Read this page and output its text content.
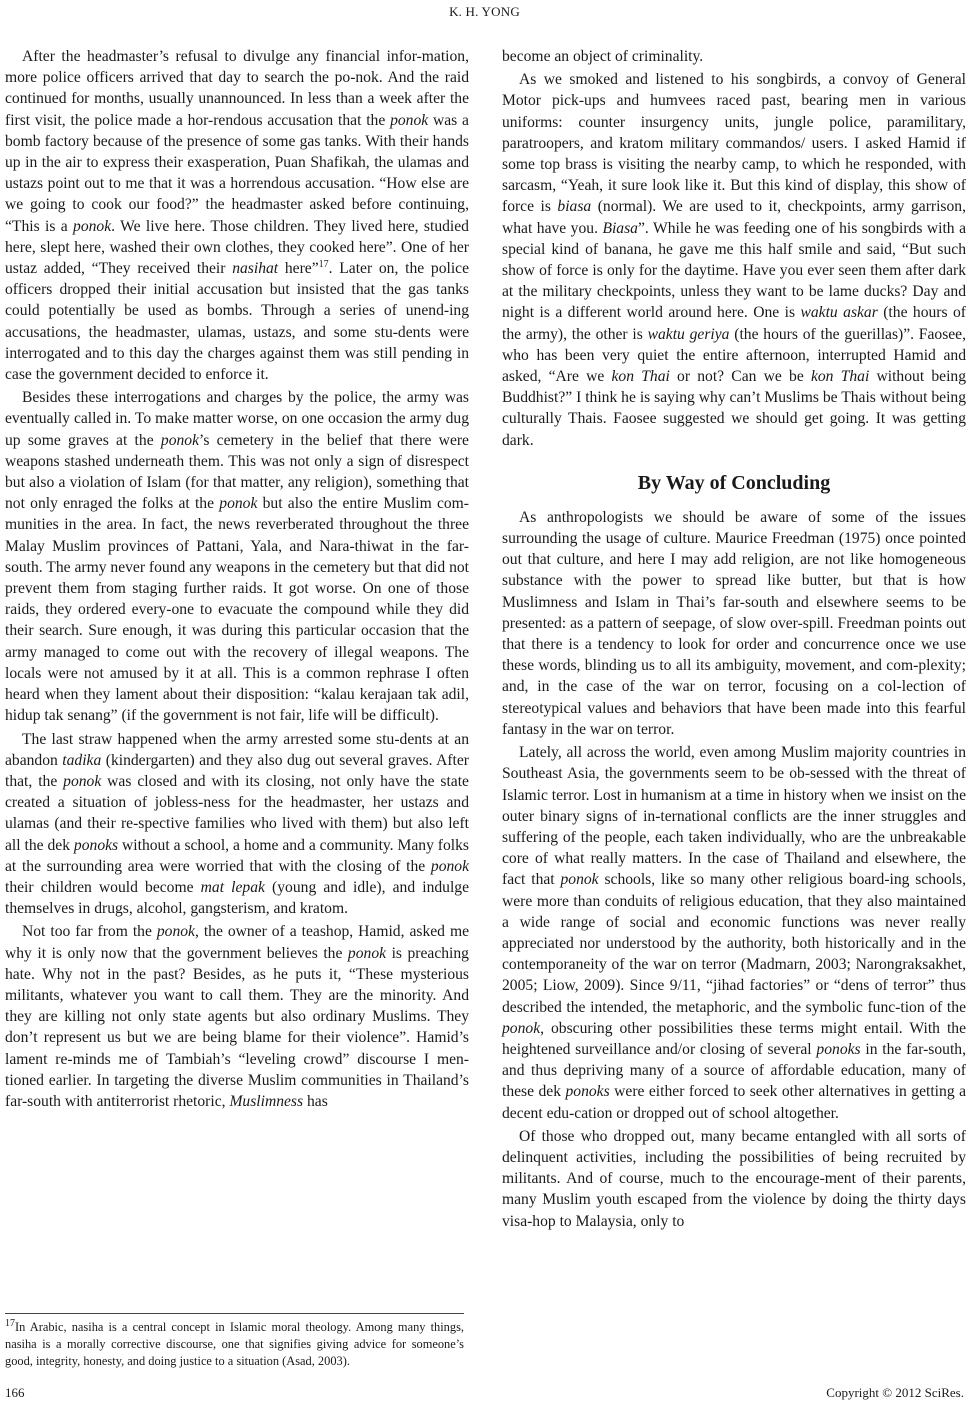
K. H. YONG

After the headmaster’s refusal to divulge any financial infor-mation, more police officers arrived that day to search the po-nok. And the raid continued for months, usually unannounced. In less than a week after the first visit, the police made a hor-rendous accusation that the ponok was a bomb factory because of the presence of some gas tanks. With their hands up in the air to express their exasperation, Puan Shafikah, the ulamas and ustazs point out to me that it was a horrendous accusation. “How else are we going to cook our food?” the headmaster asked before continuing, “This is a ponok. We live here. Those children. They lived here, studied here, slept here, washed their own clothes, they cooked here”. One of her ustaz added, “They received their nasihat here”$^{17}$. Later on, the police officers dropped their initial accusation but insisted that the gas tanks could potentially be used as bombs. Through a series of unend-ing accusations, the headmaster, ulamas, ustazs, and some stu-dents were interrogated and to this day the charges against them was still pending in case the government decided to enforce it.

Besides these interrogations and charges by the police, the army was eventually called in. To make matter worse, on one occasion the army dug up some graves at the ponok’s cemetery in the belief that there were weapons stashed underneath them. This was not only a sign of disrespect but also a violation of Islam (for that matter, any religion), something that not only enraged the folks at the ponok but also the entire Muslim com-munities in the area. In fact, the news reverberated throughout the three Malay Muslim provinces of Pattani, Yala, and Nara-thiwat in the far-south. The army never found any weapons in the cemetery but that did not prevent them from staging further raids. It got worse. On one of those raids, they ordered every-one to evacuate the compound while they did their search. Sure enough, it was during this particular occasion that the army managed to come out with the recovery of illegal weapons. The locals were not amused by it at all. This is a common rephrase I often heard when they lament about their disposition: “kalau kerajaan tak adil, hidup tak senang” (if the government is not fair, life will be difficult).

The last straw happened when the army arrested some stu-dents at an abandon tadika (kindergarten) and they also dug out several graves. After that, the ponok was closed and with its closing, not only have the state created a situation of jobless-ness for the headmaster, her ustazs and ulamas (and their re-spective families who lived with them) but also left all the dek ponoks without a school, a home and a community. Many folks at the surrounding area were worried that with the closing of the ponok their children would become mat lepak (young and idle), and indulge themselves in drugs, alcohol, gangsterism, and kratom.

Not too far from the ponok, the owner of a teashop, Hamid, asked me why it is only now that the government believes the ponok is preaching hate. Why not in the past? Besides, as he puts it, “These mysterious militants, whatever you want to call them. They are the minority. And they are killing not only state agents but also ordinary Muslims. They don’t represent us but we are being blame for their violence”. Hamid’s lament re-minds me of Tambiah’s “leveling crowd” discourse I men-tioned earlier. In targeting the diverse Muslim communities in Thailand’s far-south with antiterrorist rhetoric, Muslimness has

become an object of criminality.

As we smoked and listened to his songbirds, a convoy of General Motor pick-ups and humvees raced past, bearing men in various uniforms: counter insurgency units, jungle police, paramilitary, paratroopers, and kratom military commandos/ users. I asked Hamid if some top brass is visiting the nearby camp, to which he responded, with sarcasm, “Yeah, it sure look like it. But this kind of display, this show of force is biasa (normal). We are used to it, checkpoints, army garrison, what have you. Biasa”. While he was feeding one of his songbirds with a special kind of banana, he gave me this half smile and said, “But such show of force is only for the daytime. Have you ever seen them after dark at the military checkpoints, unless they want to be lame ducks? Day and night is a different world around here. One is waktu askar (the hours of the army), the other is waktu geriya (the hours of the guerillas)”. Faosee, who has been very quiet the entire afternoon, interrupted Hamid and asked, “Are we kon Thai or not? Can we be kon Thai without being Buddhist?” I think he is saying why can’t Muslims be Thais without being culturally Thais. Faosee suggested we should get going. It was getting dark.

By Way of Concluding

As anthropologists we should be aware of some of the issues surrounding the usage of culture. Maurice Freedman (1975) once pointed out that culture, and here I may add religion, are not like homogeneous substance with the power to spread like butter, but that is how Muslimness and Islam in Thai’s far-south and elsewhere seems to be presented: as a pattern of seepage, of slow over-spill. Freedman points out that there is a tendency to look for order and concurrence once we use these words, blinding us to all its ambiguity, movement, and com-plexity; and, in the case of the war on terror, focusing on a col-lection of stereotypical values and behaviors that have been made into this fearful fantasy in the war on terror.

Lately, all across the world, even among Muslim majority countries in Southeast Asia, the governments seem to be ob-sessed with the threat of Islamic terror. Lost in humanism at a time in history when we insist on the outer binary signs of in-ternational conflicts are the inner struggles and suffering of the people, each taken individually, who are the unbreakable core of what really matters. In the case of Thailand and elsewhere, the fact that ponok schools, like so many other religious board-ing schools, were more than conduits of religious education, that they also maintained a wide range of social and economic functions was never really appreciated nor understood by the authority, both historically and in the contemporaneity of the war on terror (Madmarn, 2003; Narongraksakhet, 2005; Liow, 2009). Since 9/11, “jihad factories” or “dens of terror” thus described the intended, the metaphoric, and the symbolic func-tion of the ponok, obscuring other possibilities these terms might entail. With the heightened surveillance and/or closing of several ponoks in the far-south, and thus depriving many of a source of affordable education, many of these dek ponoks were either forced to seek other alternatives in getting a decent edu-cation or dropped out of school altogether.

Of those who dropped out, many became entangled with all sorts of delinquent activities, including the possibilities of being recruited by militants. And of course, much to the encourage-ment of their parents, many Muslim youth escaped from the violence by doing the thirty days visa-hop to Malaysia, only to

$^{17}$In Arabic, nasiha is a central concept in Islamic moral theology. Among many things, nasiha is a morally corrective discourse, one that signifies giving advice for someone’s good, integrity, honesty, and doing justice to a situation (Asad, 2003).
166	Copyright © 2012 SciRes.
